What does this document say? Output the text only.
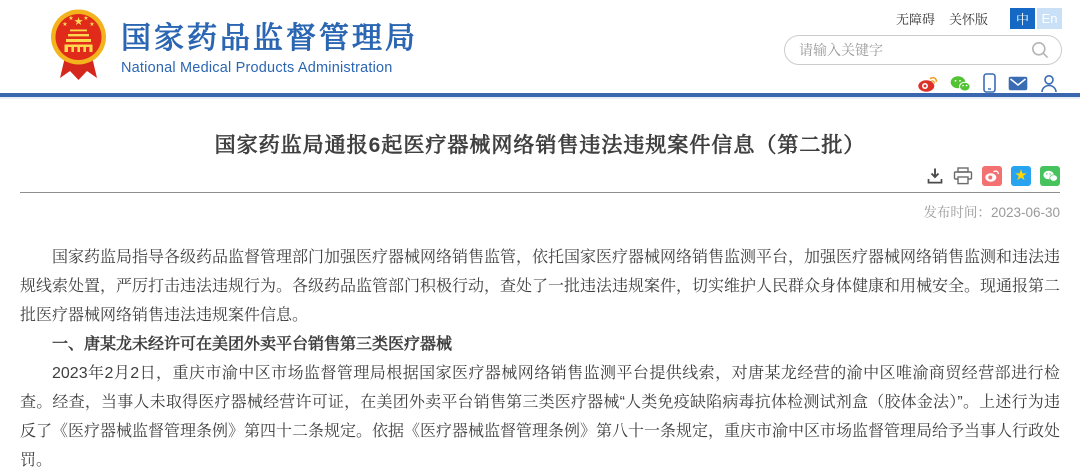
★
★
★ ★
★ 国家药品监督管理局
National Medical Products Administration
无障碍 关怀版	中 En
请输入关键字
国家药监局通报6起医疗器械网络销售违法违规案件信息（第二批）
★
发布时间：2023-06-30

国家药监局指导各级药品监督管理部门加强医疗器械网络销售监管，依托国家医疗器械网络销售监测平台，加强医疗器械网络销售监测和违法违规线索处置，严厉打击违法违规行为。各级药品监管部门积极行动，查处了一批违法违规案件，切实维护人民群众身体健康和用械安全。现通报第二批医疗器械网络销售违法违规案件信息。

一、唐某龙未经许可在美团外卖平台销售第三类医疗器械

2023年2月2日，重庆市渝中区市场监督管理局根据国家医疗器械网络销售监测平台提供线索，对唐某龙经营的渝中区唯渝商贸经营部进行检查。经查，当事人未取得医疗器械经营许可证，在美团外卖平台销售第三类医疗器械“人类免疫缺陷病毒抗体检测试剂盒（胶体金法）”。上述行为违反了《医疗器械监督管理条例》第四十二条规定。依据《医疗器械监督管理条例》第八十一条规定，重庆市渝中区市场监督管理局给予当事人行政处罚。
